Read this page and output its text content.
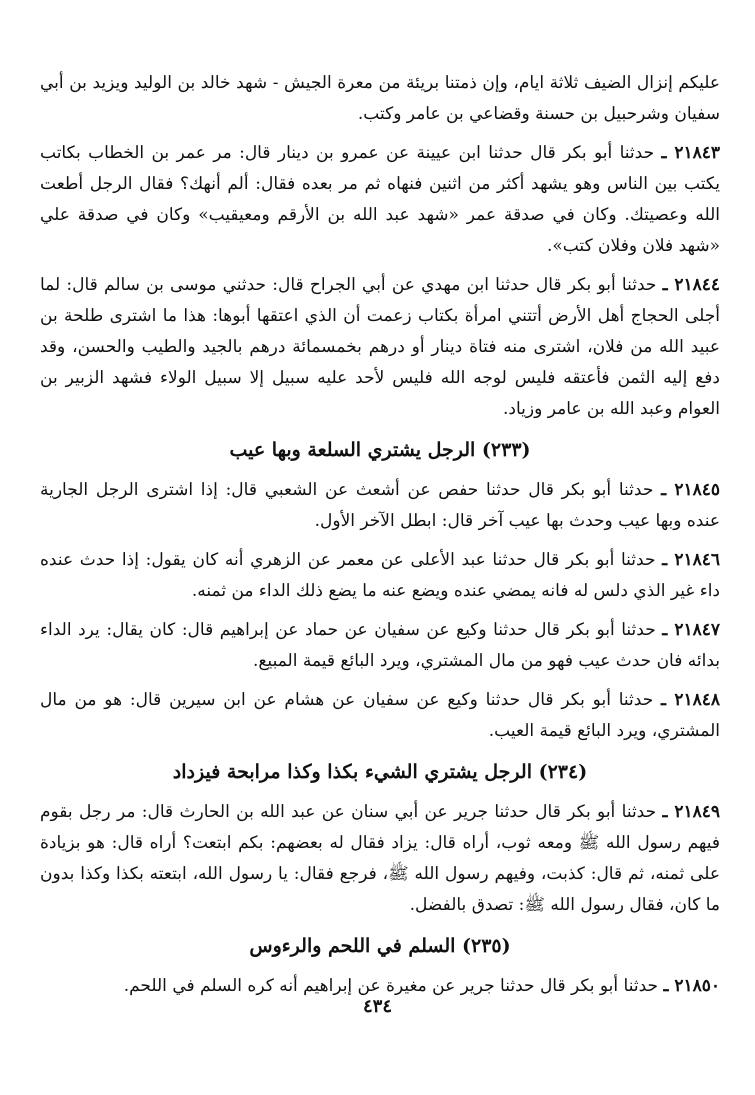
عليكم إنزال الضيف ثلاثة ايام، وإن ذمتنا بريئة من معرة الجيش - شهد خالد بن الوليد ويزيد بن أبي سفيان وشرحبيل بن حسنة وقضاعي بن عامر وكتب.

٢١٨٤٣ ـ حدثنا أبو بكر قال حدثنا ابن عيينة عن عمرو بن دينار قال: مر عمر بن الخطاب بكاتب يكتب بين الناس وهو يشهد أكثر من اثنين فنهاه ثم مر بعده فقال: ألم أنهك؟ فقال الرجل أطعت الله وعصيتك. وكان في صدقة عمر «شهد عبد الله بن الأرقم ومعيقيب» وكان في صدقة علي «شهد فلان وفلان كتب».

٢١٨٤٤ ـ حدثنا أبو بكر قال حدثنا ابن مهدي عن أبي الجراح قال: حدثني موسى بن سالم قال: لما أجلى الحجاج أهل الأرض أتتني امرأة بكتاب زعمت أن الذي اعتقها أبوها: هذا ما اشترى طلحة بن عبيد الله من فلان، اشترى منه فتاة دينار أو درهم بخمسمائة درهم بالجيد والطيب والحسن، وقد دفع إليه الثمن فأعتقه فليس لوجه الله فليس لأحد عليه سبيل إلا سبيل الولاء فشهد الزبير بن العوام وعبد الله بن عامر وزياد.

(٢٣٣) الرجل يشتري السلعة وبها عيب

٢١٨٤٥ ـ حدثنا أبو بكر قال حدثنا حفص عن أشعث عن الشعبي قال: إذا اشترى الرجل الجارية عنده وبها عيب وحدث بها عيب آخر قال: ابطل الآخر الأول.

٢١٨٤٦ ـ حدثنا أبو بكر قال حدثنا عبد الأعلى عن معمر عن الزهري أنه كان يقول: إذا حدث عنده داء غير الذي دلس له فانه يمضي عنده ويضع عنه ما يضع ذلك الداء من ثمنه.

٢١٨٤٧ ـ حدثنا أبو بكر قال حدثنا وكيع عن سفيان عن حماد عن إبراهيم قال: كان يقال: يرد الداء بدائه فان حدث عيب فهو من مال المشتري، ويرد البائع قيمة المبيع.

٢١٨٤٨ ـ حدثنا أبو بكر قال حدثنا وكيع عن سفيان عن هشام عن ابن سيرين قال: هو من مال المشتري، ويرد البائع قيمة العيب.

(٢٣٤) الرجل يشتري الشيء بكذا وكذا مرابحة فيزداد

٢١٨٤٩ ـ حدثنا أبو بكر قال حدثنا جرير عن أبي سنان عن عبد الله بن الحارث قال: مر رجل بقوم فيهم رسول الله ﷺ ومعه ثوب، أراه قال: يزاد فقال له بعضهم: بكم ابتعت؟ أراه قال: هو بزيادة على ثمنه، ثم قال: كذبت، وفيهم رسول الله ﷺ، فرجع فقال: يا رسول الله، ابتعته بكذا وكذا بدون ما كان، فقال رسول الله ﷺ: تصدق بالفضل.

(٢٣٥) السلم في اللحم والرءوس

٢١٨٥٠ ـ حدثنا أبو بكر قال حدثنا جرير عن مغيرة عن إبراهيم أنه كره السلم في اللحم.

٤٣٤
